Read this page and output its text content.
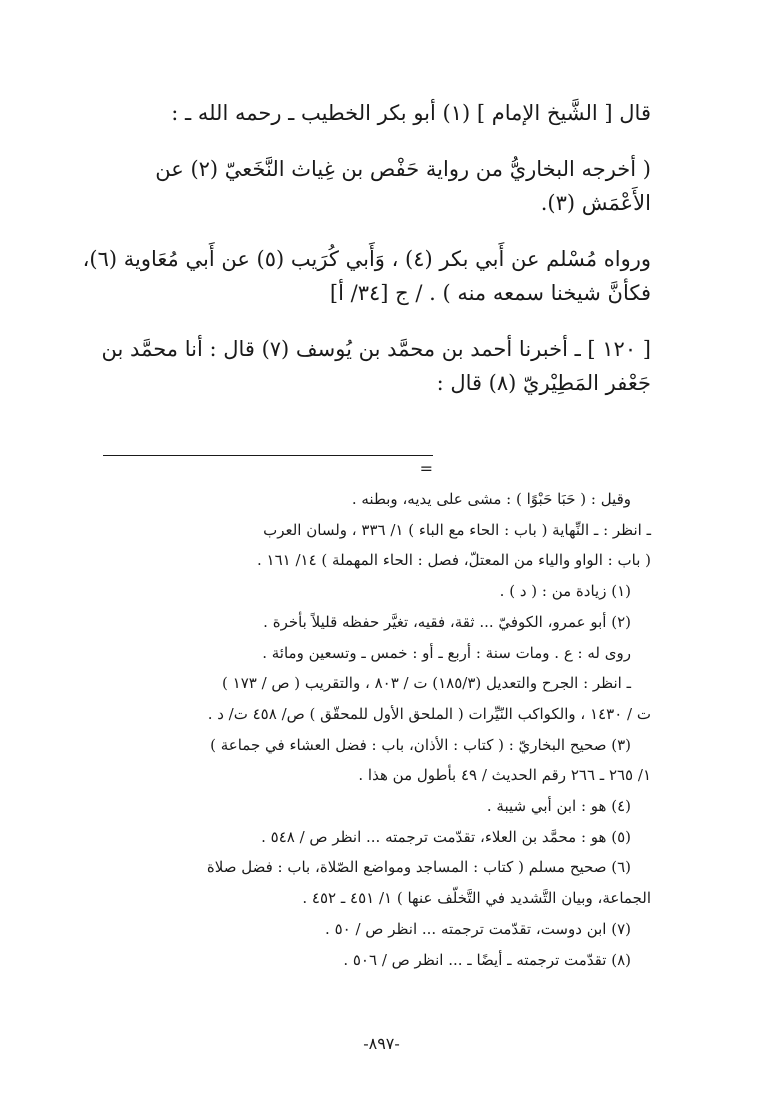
قال [ الشَّيخ الإمام ] (١) أبو بكر الخطيب ـ رحمه الله ـ :

( أخرجه البخاريُّ من رواية حَفْص بن غِياث النَّخَعيّ (٢) عن

الأَعْمَش (٣).

ورواه مُسْلم عن أَبي بكر (٤) ، وَأَبي كُرَيب (٥) عن أَبي مُعَاوية (٦)،

فكأنَّ شيخنا سمعه منه ) . / ج [٣٤/ أ]

[ ١٢٠ ] ـ أخبرنا أحمد بن محمَّد بن يُوسف (٧) قال : أنا محمَّد بن

جَعْفر المَطِيْريّ (٨) قال :

=

وقيل : ( حَبَا حَبْوًا ) : مشى على يديه، وبطنه .

ـ انظر : ـ النِّهاية ( باب : الحاء مع الباء ) ١/ ٣٣٦ ، ولسان العرب

( باب : الواو والياء من المعتلّ، فصل : الحاء المهملة ) ١٤/ ١٦١ .

(١) زيادة من : ( د ) .

(٢) أبو عمرو، الكوفيّ ... ثقة، فقيه، تغيَّر حفظه قليلاً بأخرة .

روى له : ع . ومات سنة : أربع ـ أو : خمس ـ وتسعين ومائة .

ـ انظر : الجرح والتعديل (١٨٥/٣) ت / ٨٠٣ ، والتقريب ( ص / ١٧٣ )

ت / ١٤٣٠ ، والكواكب النّيِّرات ( الملحق الأول للمحقّق ) ص/ ٤٥٨ ت/ د .

(٣) صحيح البخاريّ : ( كتاب : الأذان، باب : فضل العشاء في جماعة )

١/ ٢٦٥ ـ ٢٦٦ رقم الحديث / ٤٩ بأطول من هذا .

(٤) هو : ابن أبي شيبة .

(٥) هو : محمَّد بن العلاء، تقدّمت ترجمته ... انظر ص / ٥٤٨ .

(٦) صحيح مسلم ( كتاب : المساجد ومواضع الصّلاة، باب : فضل صلاة

الجماعة، وبيان التَّشديد في التَّخلّف عنها ) ١/ ٤٥١ ـ ٤٥٢ .

(٧) ابن دوست، تقدّمت ترجمته ... انظر ص / ٥٠ .

(٨) تقدّمت ترجمته ـ أيضًا ـ ... انظر ص / ٥٠٦ .

-٨٩٧-
